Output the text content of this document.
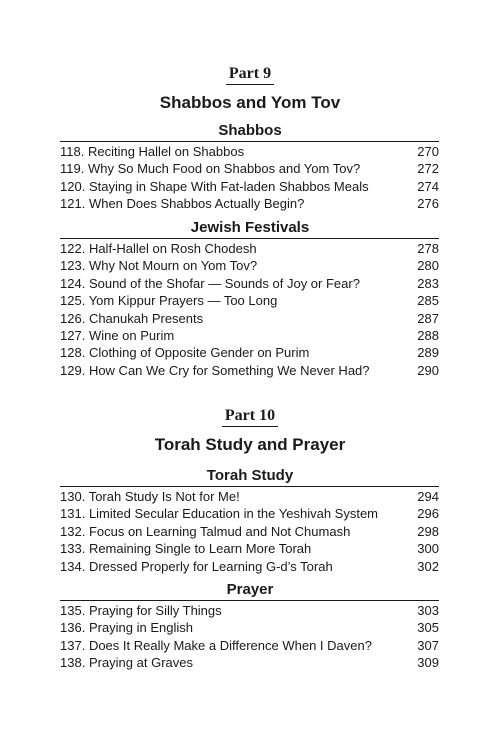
Part 9
Shabbos and Yom Tov
Shabbos
118. Reciting Hallel on Shabbos	270
119. Why So Much Food on Shabbos and Yom Tov?	272
120. Staying in Shape With Fat-laden Shabbos Meals	274
121. When Does Shabbos Actually Begin?	276
Jewish Festivals
122. Half-Hallel on Rosh Chodesh	278
123. Why Not Mourn on Yom Tov?	280
124. Sound of the Shofar — Sounds of Joy or Fear?	283
125. Yom Kippur Prayers — Too Long	285
126. Chanukah Presents	287
127. Wine on Purim	288
128. Clothing of Opposite Gender on Purim	289
129. How Can We Cry for Something We Never Had?	290
Part 10
Torah Study and Prayer
Torah Study
130. Torah Study Is Not for Me!	294
131. Limited Secular Education in the Yeshivah System	296
132. Focus on Learning Talmud and Not Chumash	298
133. Remaining Single to Learn More Torah	300
134. Dressed Properly for Learning G-d’s Torah	302
Prayer
135. Praying for Silly Things	303
136. Praying in English	305
137. Does It Really Make a Difference When I Daven?	307
138. Praying at Graves	309
